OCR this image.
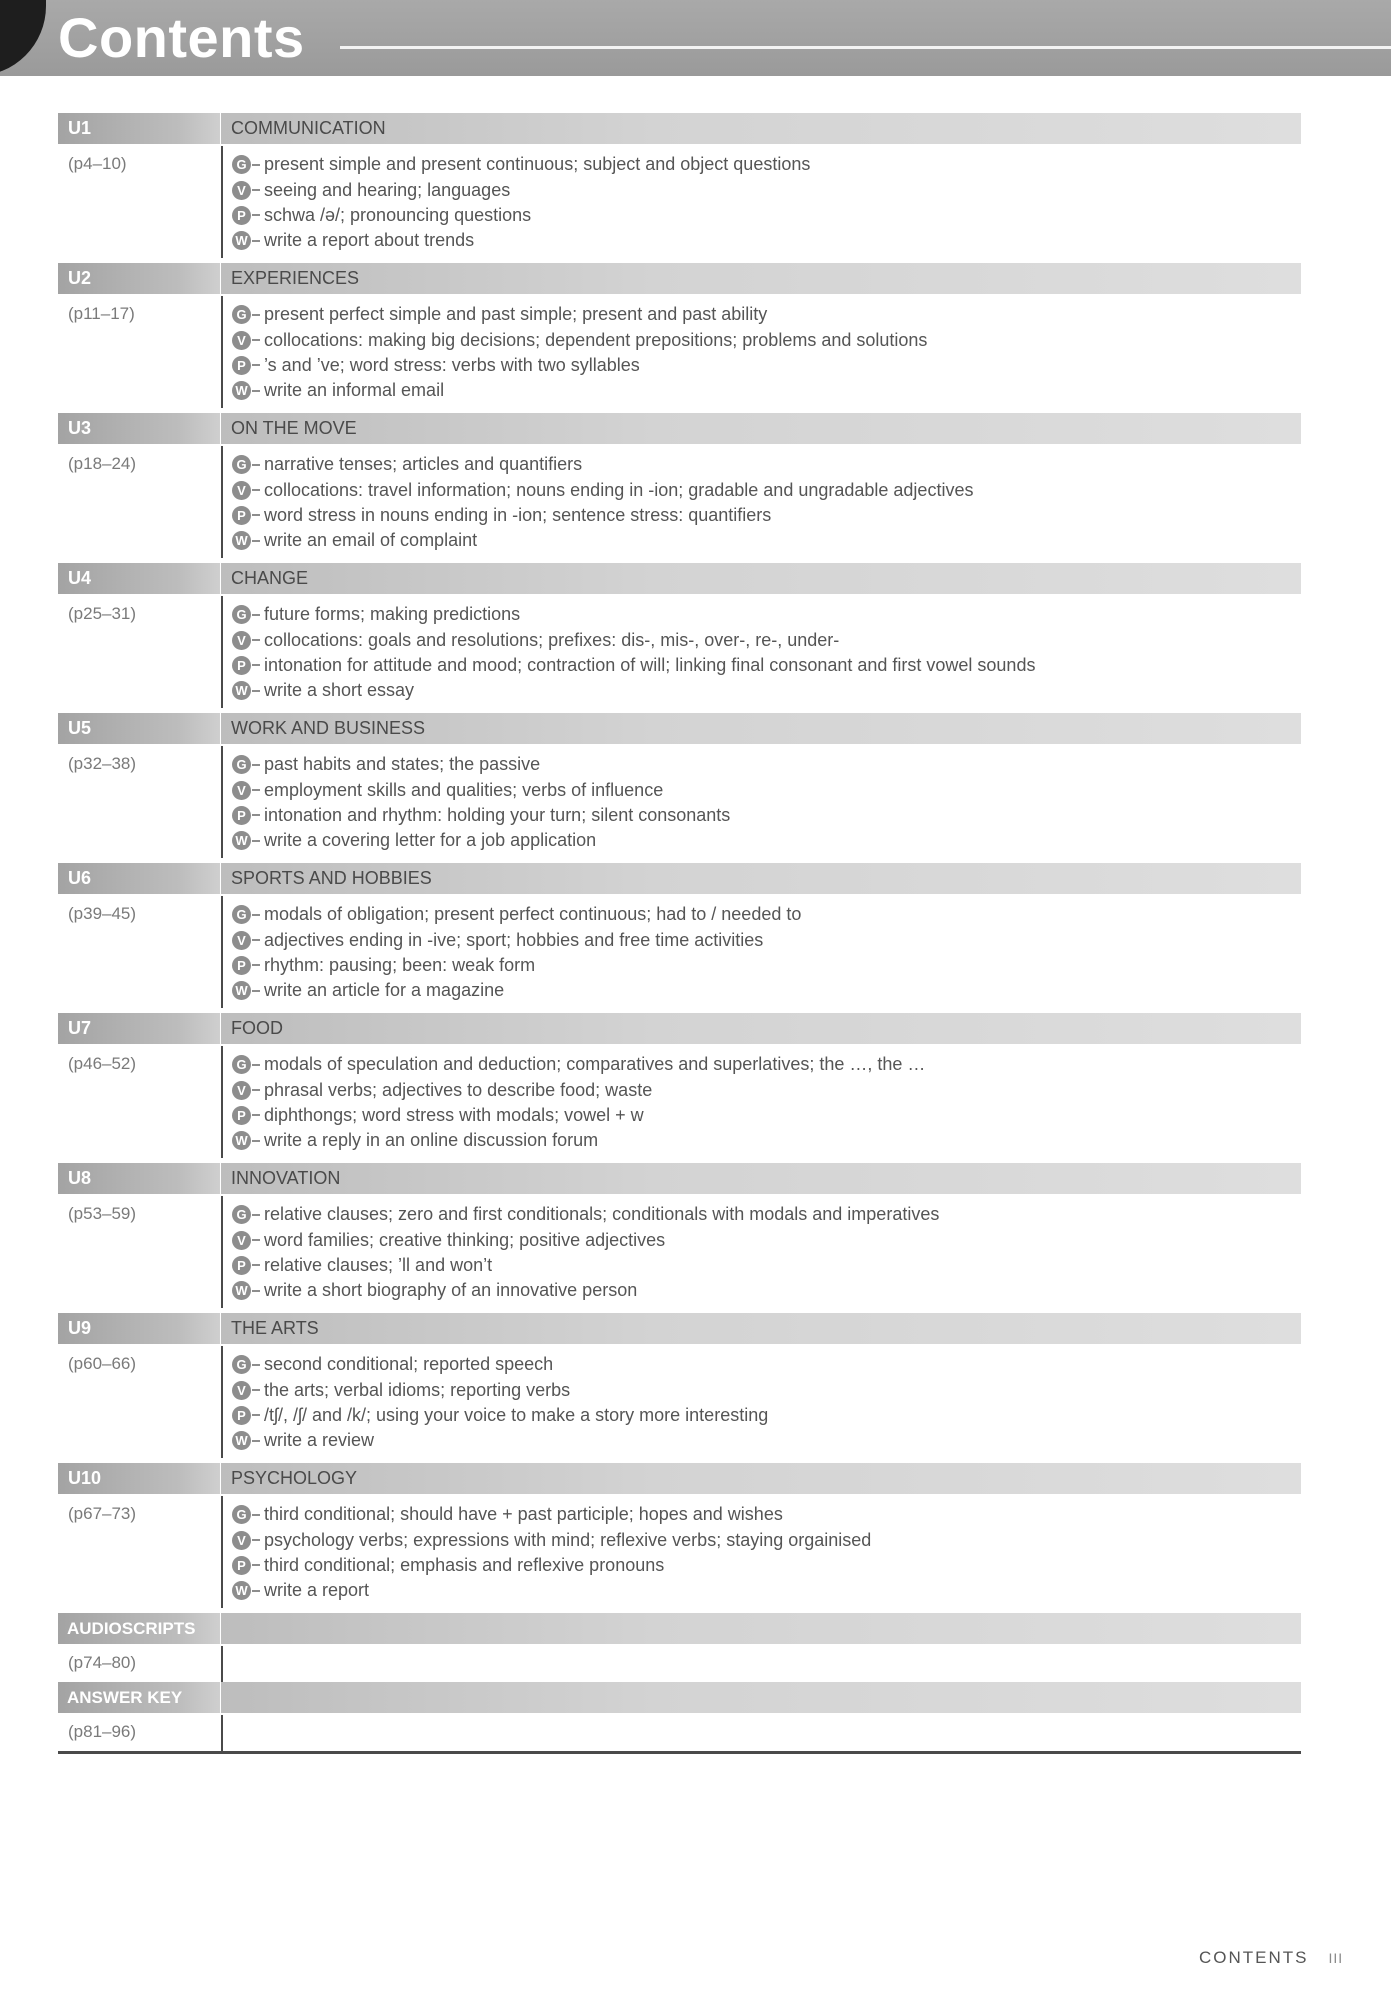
Contents
U1	COMMUNICATION
(p4–10)	G present simple and present continuous; subject and object questions
V seeing and hearing; languages
P schwa /ə/; pronouncing questions
W write a report about trends
U2	EXPERIENCES
(p11–17)	G present perfect simple and past simple; present and past ability
V collocations: making big decisions; dependent prepositions; problems and solutions
P ’s and ’ve; word stress: verbs with two syllables
W write an informal email
U3	ON THE MOVE
(p18–24)	G narrative tenses; articles and quantifiers
V collocations: travel information; nouns ending in -ion; gradable and ungradable adjectives
P word stress in nouns ending in -ion; sentence stress: quantifiers
W write an email of complaint
U4	CHANGE
(p25–31)	G future forms; making predictions
V collocations: goals and resolutions; prefixes: dis-, mis-, over-, re-, under-
P intonation for attitude and mood; contraction of will; linking final consonant and first vowel sounds
W write a short essay
U5	WORK AND BUSINESS
(p32–38)	G past habits and states; the passive
V employment skills and qualities; verbs of influence
P intonation and rhythm: holding your turn; silent consonants
W write a covering letter for a job application
U6	SPORTS AND HOBBIES
(p39–45)	G modals of obligation; present perfect continuous; had to / needed to
V adjectives ending in -ive; sport; hobbies and free time activities
P rhythm: pausing; been: weak form
W write an article for a magazine
U7	FOOD
(p46–52)	G modals of speculation and deduction; comparatives and superlatives; the …, the …
V phrasal verbs; adjectives to describe food; waste
P diphthongs; word stress with modals; vowel + w
W write a reply in an online discussion forum
U8	INNOVATION
(p53–59)	G relative clauses; zero and first conditionals; conditionals with modals and imperatives
V word families; creative thinking; positive adjectives
P relative clauses; ’ll and won’t
W write a short biography of an innovative person
U9	THE ARTS
(p60–66)	G second conditional; reported speech
V the arts; verbal idioms; reporting verbs
P /tʃ/, /ʃ/ and /k/; using your voice to make a story more interesting
W write a review
U10	PSYCHOLOGY
(p67–73)	G third conditional; should have + past participle; hopes and wishes
V psychology verbs; expressions with mind; reflexive verbs; staying orgainised
P third conditional; emphasis and reflexive pronouns
W write a report
AUDIOSCRIPTS
(p74–80)
ANSWER KEY
(p81–96)
CONTENTS III
